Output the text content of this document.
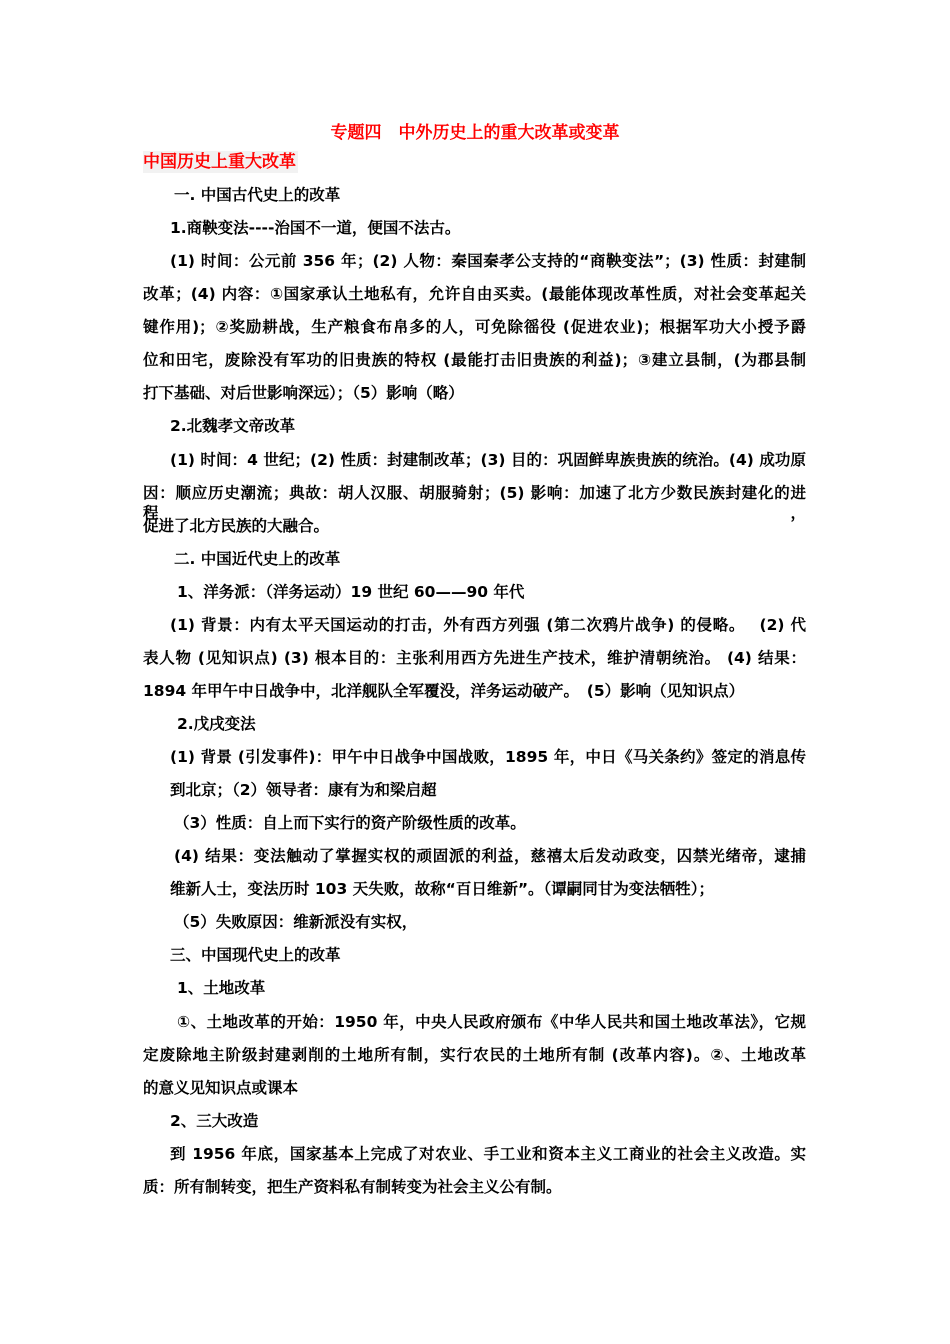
专题四　中外历史上的重大改革或变革
中国历史上重大改革
一. 中国古代史上的改革
1.商鞅变法----治国不一道，便国不法古。
(1) 时间：公元前 356 年；(2) 人物：秦国秦孝公支持的“商鞅变法”；(3) 性质：封建制
改革；(4) 内容：①国家承认土地私有，允许自由买卖。(最能体现改革性质，对社会变革起关
键作用)；②奖励耕战，生产粮食布帛多的人，可免除徭役 (促进农业)；根据军功大小授予爵
位和田宅，废除没有军功的旧贵族的特权 (最能打击旧贵族的利益)；③建立县制，(为郡县制
打下基础、对后世影响深远）；（5）影响（略）
2.北魏孝文帝改革
(1) 时间：4 世纪；(2) 性质：封建制改革；(3) 目的：巩固鲜卑族贵族的统治。(4) 成功原
因：顺应历史潮流；典故：胡人汉服、胡服骑射；(5) 影响：加速了北方少数民族封建化的进程，
促进了北方民族的大融合。
二. 中国近代史上的改革
1、洋务派：（洋务运动）19 世纪 60——90 年代
(1) 背景：内有太平天国运动的打击，外有西方列强 (第二次鸦片战争) 的侵略。　 (2) 代
表人物 (见知识点) (3) 根本目的：主张利用西方先进生产技术，维护清朝统治。 (4) 结果：
1894 年甲午中日战争中，北洋舰队全军覆没，洋务运动破产。　(5）影响（见知识点）
2.戊戌变法
(1) 背景 (引发事件)：甲午中日战争中国战败，1895 年，中日《马关条约》签定的消息传
到北京；（2）领导者：康有为和梁启超
（3）性质：自上而下实行的资产阶级性质的改革。
(4) 结果：变法触动了掌握实权的顽固派的利益，慈禧太后发动政变，囚禁光绪帝，逮捕
维新人士，变法历时 103 天失败，故称“百日维新”。（谭嗣同甘为变法牺牲）；
（5）失败原因：维新派没有实权，
三、中国现代史上的改革
1、土地改革
①、土地改革的开始：1950 年，中央人民政府颁布《中华人民共和国土地改革法》，它规
定废除地主阶级封建剥削的土地所有制，实行农民的土地所有制 (改革内容)。②、土地改革
的意义见知识点或课本
2、三大改造
到 1956 年底，国家基本上完成了对农业、手工业和资本主义工商业的社会主义改造。实
质：所有制转变，把生产资料私有制转变为社会主义公有制。
